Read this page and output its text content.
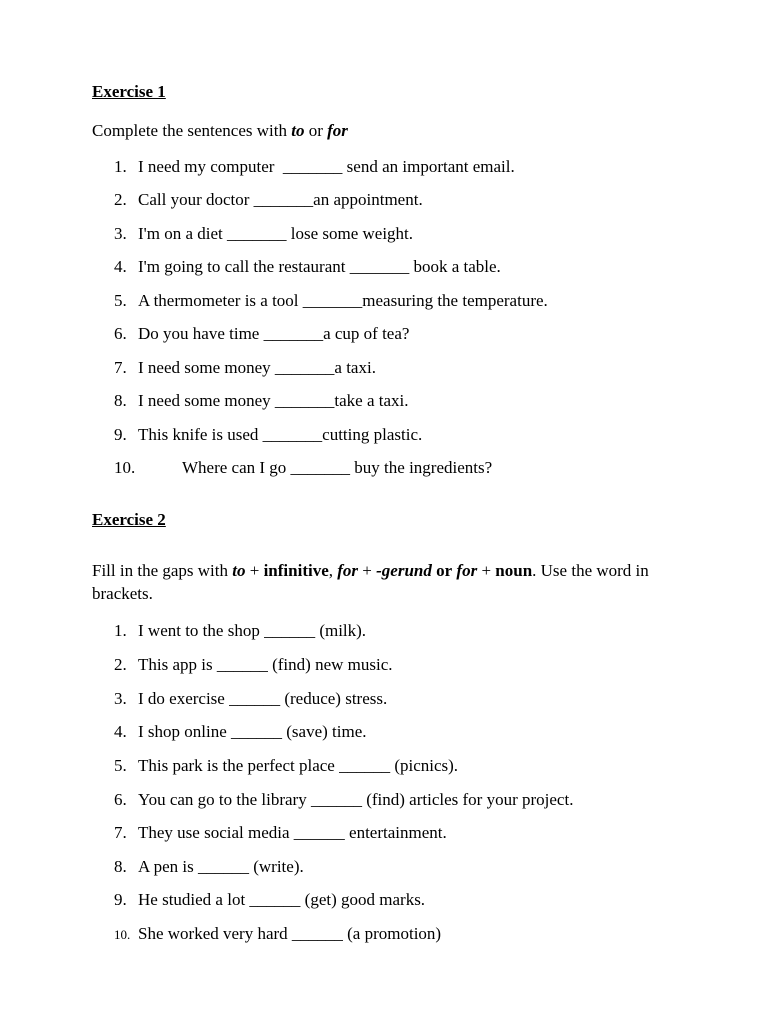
Exercise 1
Complete the sentences with to or for
1. I need my computer  _______ send an important email.
2. Call your doctor _______an appointment.
3. I'm on a diet _______ lose some weight.
4. I'm going to call the restaurant _______ book a table.
5. A thermometer is a tool _______measuring the temperature.
6. Do you have time _______a cup of tea?
7. I need some money _______a taxi.
8. I need some money _______take a taxi.
9. This knife is used _______cutting plastic.
10.	Where can I go _______ buy the ingredients?
Exercise 2
Fill in the gaps with to + infinitive, for + -gerund or for + noun. Use the word in brackets.
1. I went to the shop ______ (milk).
2. This app is ______ (find) new music.
3. I do exercise ______ (reduce) stress.
4. I shop online ______ (save) time.
5. This park is the perfect place ______ (picnics).
6. You can go to the library ______ (find) articles for your project.
7. They use social media ______ entertainment.
8. A pen is ______ (write).
9. He studied a lot ______ (get) good marks.
10. She worked very hard ______ (a promotion)
